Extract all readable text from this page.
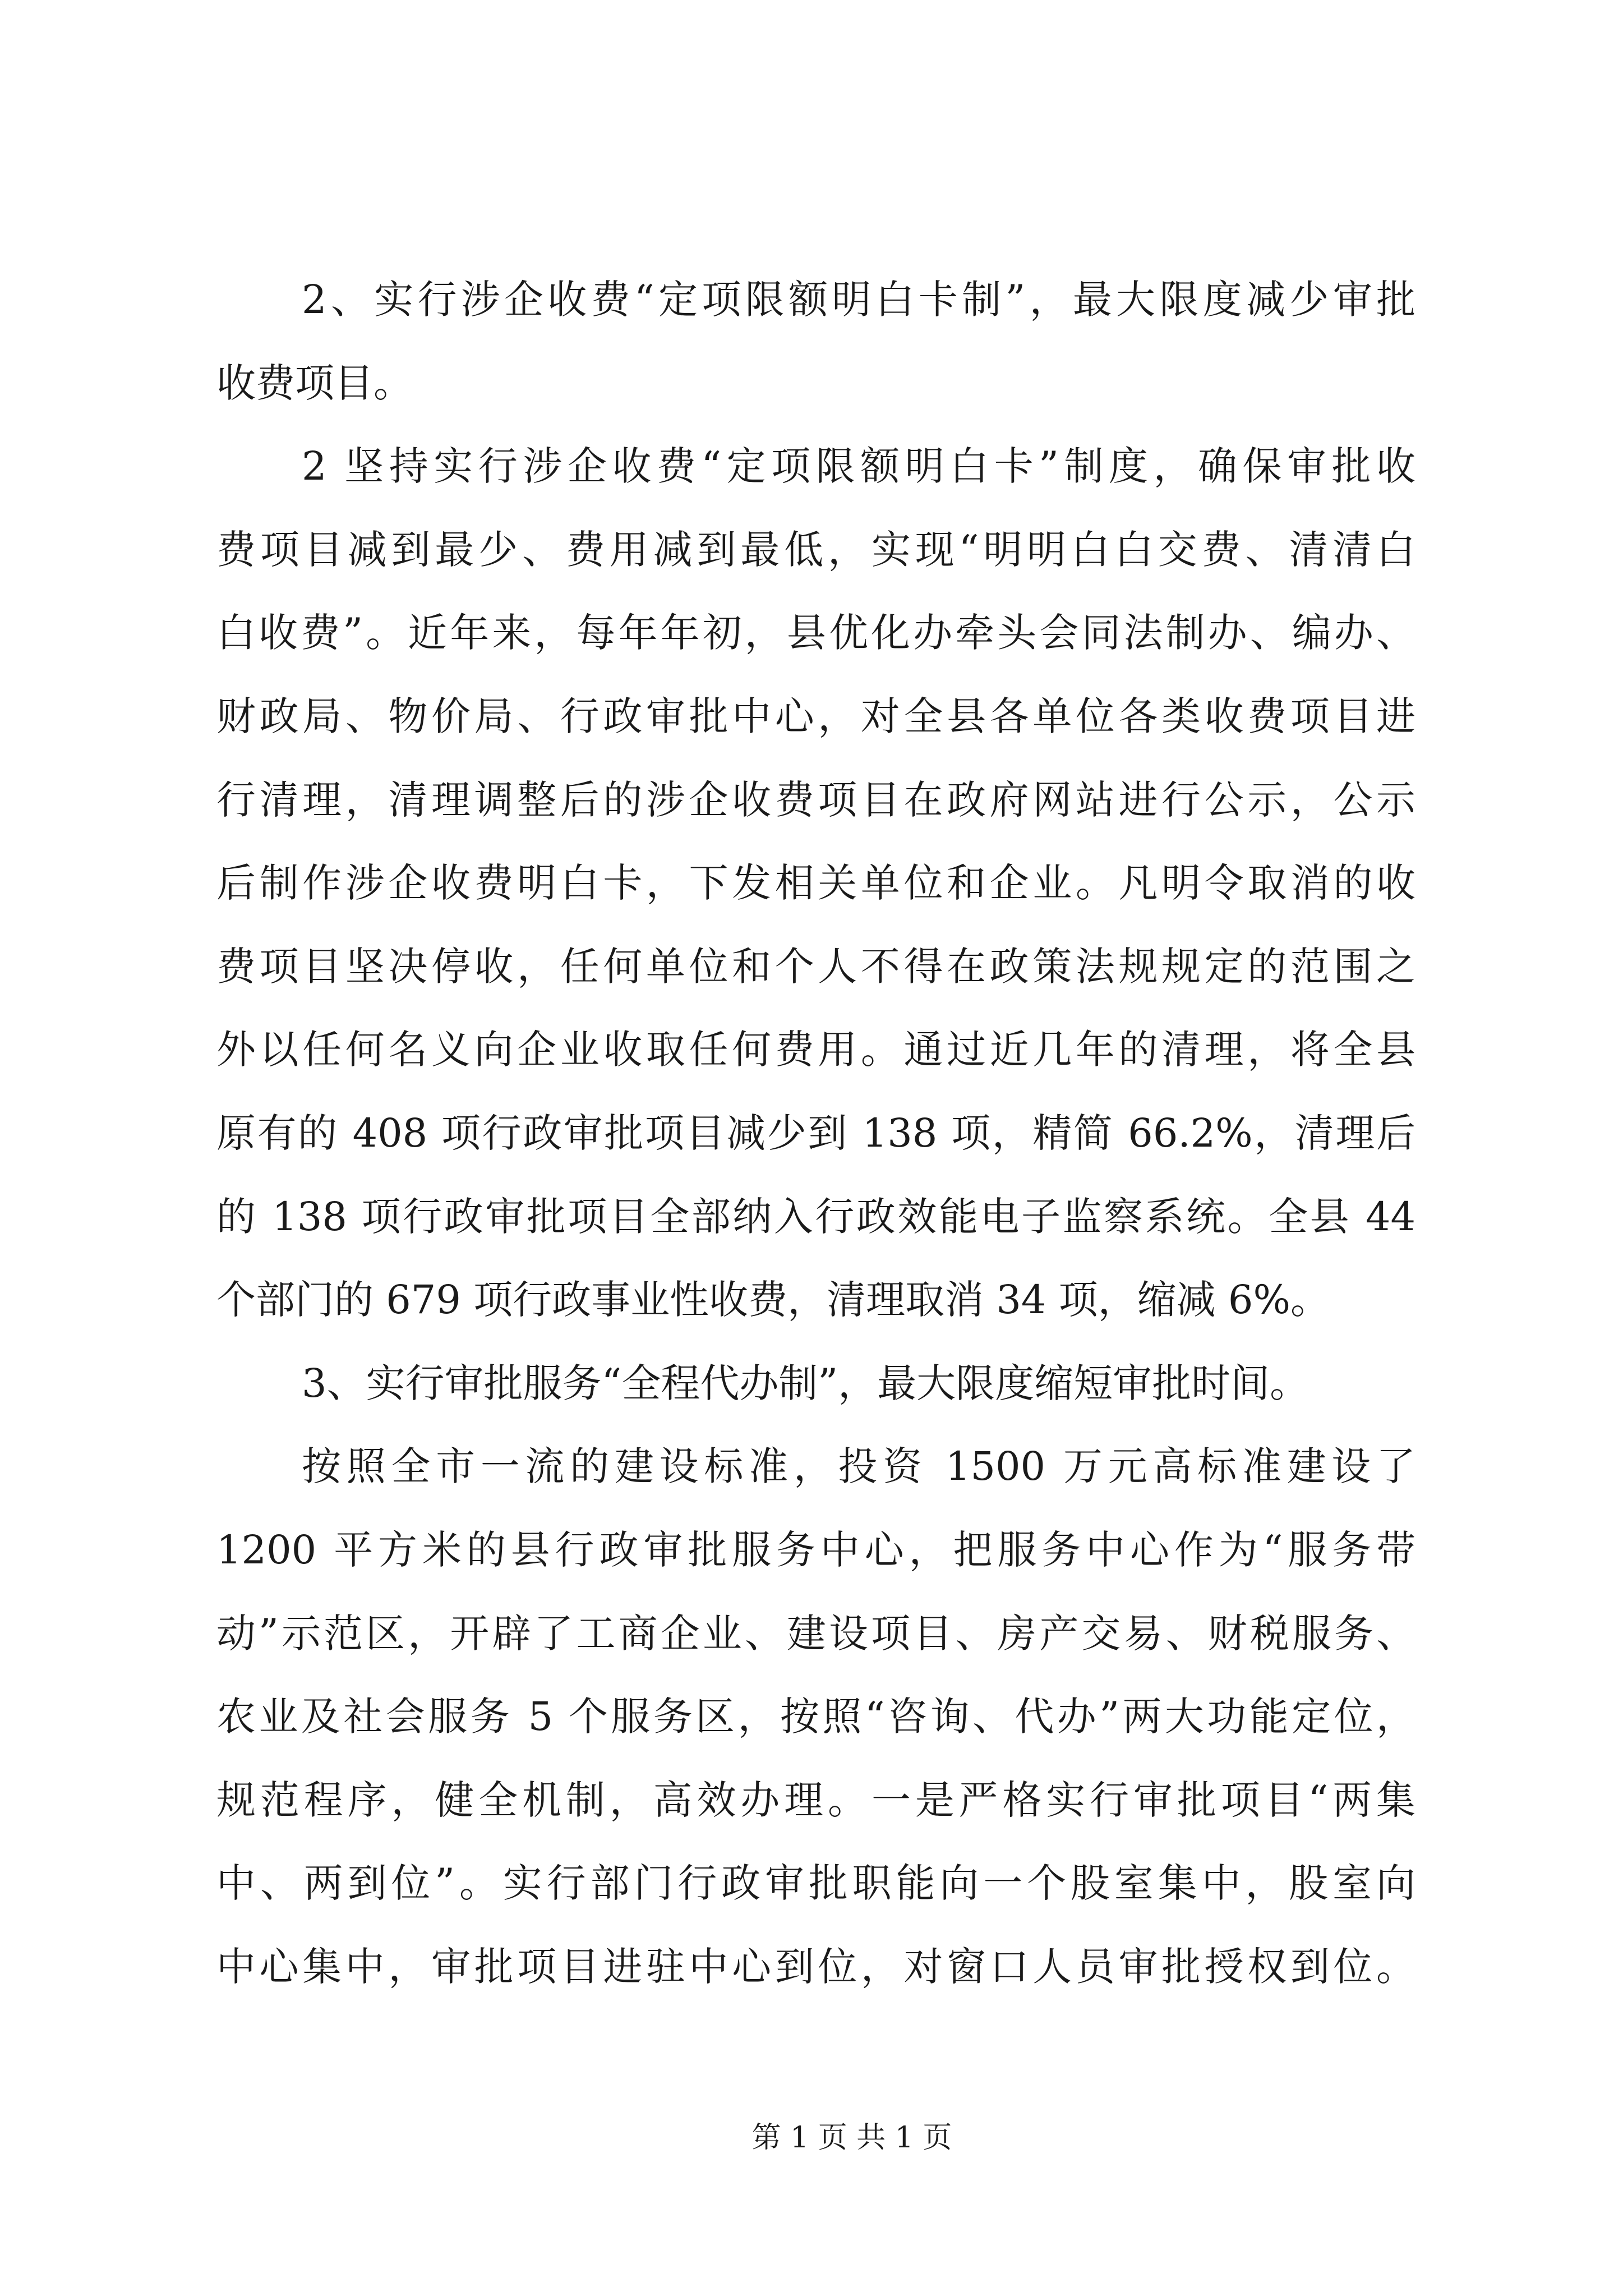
2、实行涉企收费“定项限额明白卡制”，最大限度减少审批
收费项目。
2 坚持实行涉企收费“定项限额明白卡”制度，确保审批收
费项目减到最少、费用减到最低，实现“明明白白交费、清清白
白收费”。近年来，每年年初，县优化办牵头会同法制办、编办、
财政局、物价局、行政审批中心，对全县各单位各类收费项目进
行清理，清理调整后的涉企收费项目在政府网站进行公示，公示
后制作涉企收费明白卡，下发相关单位和企业。凡明令取消的收
费项目坚决停收，任何单位和个人不得在政策法规规定的范围之
外以任何名义向企业收取任何费用。通过近几年的清理，将全县
原有的 408 项行政审批项目减少到 138 项，精简 66.2%，清理后
的 138 项行政审批项目全部纳入行政效能电子监察系统。全县 44
个部门的 679 项行政事业性收费，清理取消 34 项，缩减 6%。
3、实行审批服务“全程代办制”，最大限度缩短审批时间。
按照全市一流的建设标准，投资 1500 万元高标准建设了
1200 平方米的县行政审批服务中心，把服务中心作为“服务带
动”示范区，开辟了工商企业、建设项目、房产交易、财税服务、
农业及社会服务 5 个服务区，按照“咨询、代办”两大功能定位，
规范程序，健全机制，高效办理。一是严格实行审批项目“两集
中、两到位”。实行部门行政审批职能向一个股室集中，股室向
中心集中，审批项目进驻中心到位，对窗口人员审批授权到位。
第 1 页 共 1 页
